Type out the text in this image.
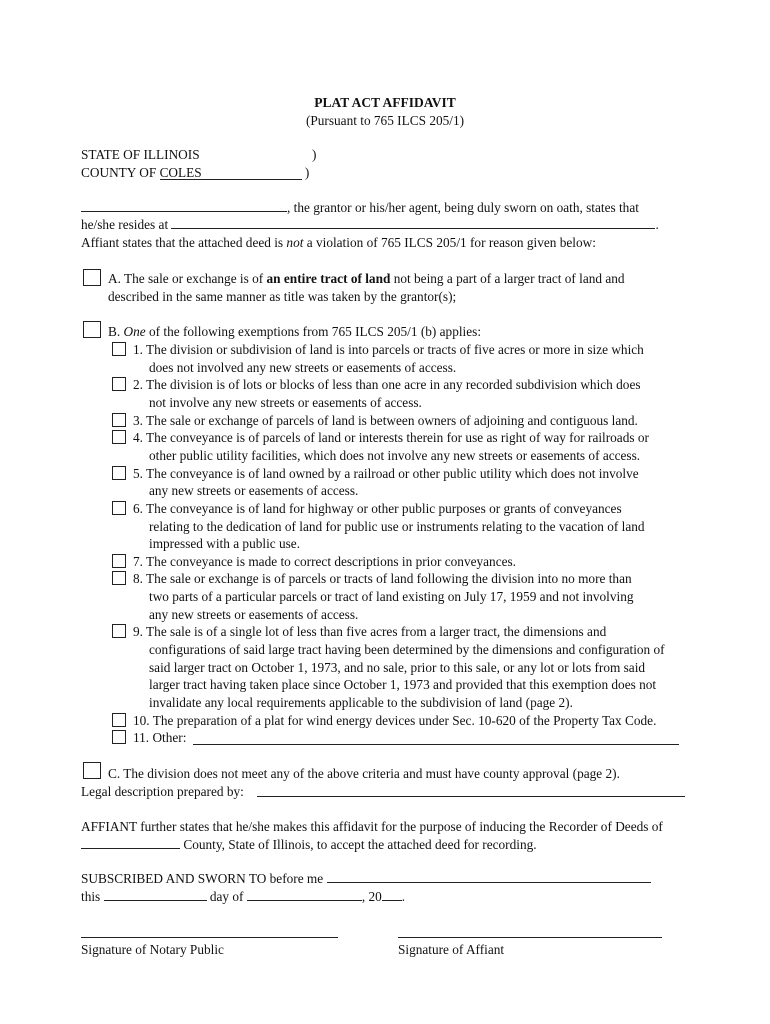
PLAT ACT AFFIDAVIT
(Pursuant to 765 ILCS 205/1)
STATE OF ILLINOIS	)
COUNTY OF COLES	)
, the grantor or his/her agent, being duly sworn on oath, states that
he/she resides at	.
Affiant states that the attached deed is not a violation of 765 ILCS 205/1 for reason given below:
A. The sale or exchange is of an entire tract of land not being a part of a larger tract of land and
described in the same manner as title was taken by the grantor(s);
B. One of the following exemptions from 765 ILCS 205/1 (b) applies:
1. The division or subdivision of land is into parcels or tracts of five acres or more in size which
does not involved any new streets or easements of access.
2. The division is of lots or blocks of less than one acre in any recorded subdivision which does
not involve any new streets or easements of access.
3. The sale or exchange of parcels of land is between owners of adjoining and contiguous land.
4. The conveyance is of parcels of land or interests therein for use as right of way for railroads or
other public utility facilities, which does not involve any new streets or easements of access.
5. The conveyance is of land owned by a railroad or other public utility which does not involve
any new streets or easements of access.
6. The conveyance is of land for highway or other public purposes or grants of conveyances
relating to the dedication of land for public use or instruments relating to the vacation of land
impressed with a public use.
7. The conveyance is made to correct descriptions in prior conveyances.
8. The sale or exchange is of parcels or tracts of land following the division into no more than
two parts of a particular parcels or tract of land existing on July 17, 1959 and not involving
any new streets or easements of access.
9. The sale is of a single lot of less than five acres from a larger tract, the dimensions and
configurations of said large tract having been determined by the dimensions and configuration of
said larger tract on October 1, 1973, and no sale, prior to this sale, or any lot or lots from said
larger tract having taken place since October 1, 1973 and provided that this exemption does not
invalidate any local requirements applicable to the subdivision of land (page 2).
10. The preparation of a plat for wind energy devices under Sec. 10-620 of the Property Tax Code.
11. Other:
C. The division does not meet any of the above criteria and must have county approval (page 2).
Legal description prepared by:
AFFIANT further states that he/she makes this affidavit for the purpose of inducing the Recorder of Deeds of
County, State of Illinois, to accept the attached deed for recording.
SUBSCRIBED AND SWORN TO before me
this	day of	, 20 .
Signature of Notary Public	Signature of Affiant
